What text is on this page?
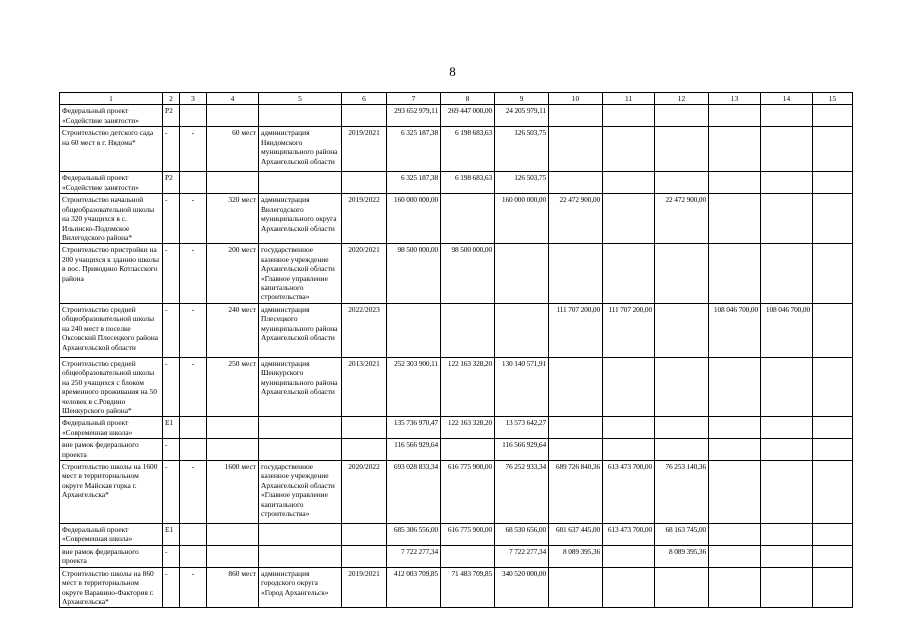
8
1	2	3	4	5	6	7	8	9	10	11	12	13	14	15
Федеральный проект «Содействие занятости»	P2					293 652 979,11	269 447 000,00	24 205 979,11						
Строительство детского сада на 60 мест в г. Нядома*	-	-	60 мест	администрация Няндомского муниципального района Архангельской области	2019/2021	6 325 187,38	6 198 683,63	126 503,75						
Федеральный проект «Содействие занятости»	P2					6 325 187,38	6 198 683,63	126 503,75						
Строительство начальной общеобразовательной школы на 320 учащихся в с. Ильинско-Подомское Вилегодского района*	-	-	320 мест	администрация Вилегодского муниципального округа Архангельской области	2019/2022	160 000 000,00		160 000 000,00	22 472 900,00		22 472 900,00			
Строительство пристройки на 200 учащихся к зданию школы в пос. Приводино Котласского района	-	-	200 мест	государственное казенное учреждение Архангельской области «Главное управление капитального строительства»	2020/2021	98 500 000,00	98 500 000,00							
Строительство средней общеобразовательной школы на 240 мест в поселке Оксовский Плесецкого района Архангельской области	-	-	240 мест	администрация Плесецкого муниципального района Архангельской области	2022/2023				111 707 200,00	111 707 200,00		108 046 700,00	108 046 700,00	
Строительство средней общеобразовательной школы на 250 учащихся с блоком временного проживания на 50 человек в с.Ровдино Шенкурского района*	-	-	250 мест	администрация Шенкурского муниципального района Архангельской области	2013/2021	252 303 900,11	122 163 328,20	130 140 571,91						
Федеральный проект «Современная школа»	E1					135 736 970,47	122 163 328,20	13 573 642,27						
вне рамок федерального проекта	-					116 566 929,64		116 566 929,64						
Строительство школы на 1600 мест в территориальном округе Майская горка г. Архангельска*	-	-	1600 мест	государственное казенное учреждение Архангельской области «Главное управление капитального строительства»	2020/2022	693 028 833,34	616 775 900,00	76 252 933,34	689 726 840,36	613 473 700,00	76 253 140,36			
Федеральный проект «Современная школа»	E1					685 306 556,00	616 775 900,00	68 530 656,00	681 637 445,00	613 473 700,00	68 163 745,00			
вне рамок федерального проекта	-					7 722 277,34		7 722 277,34	8 089 395,36		8 089 395,36			
Строительство школы на 860 мест в территориальном округе Варавино-Фактория г. Архангельска*	-	-	860 мест	администрация городского округа «Город Архангельск»	2019/2021	412 003 709,85	71 483 709,85	340 520 000,00						
